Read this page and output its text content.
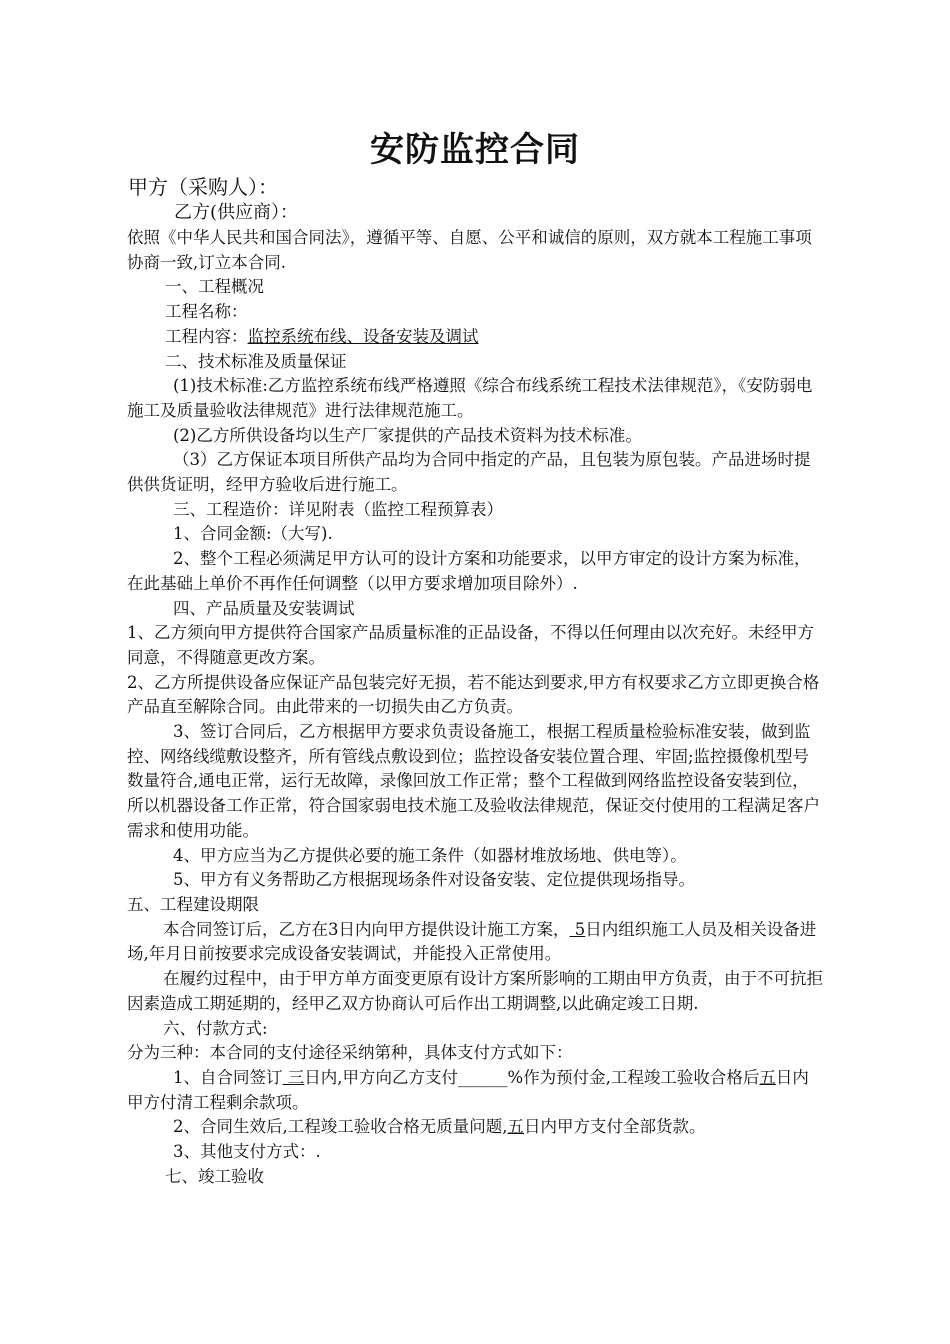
安防监控合同
甲方（采购人）：
乙方(供应商）：

依照《中华人民共和国合同法》，遵循平等、自愿、公平和诚信的原则，双方就本工程施工事项协商一致,订立本合同.

一、工程概况

工程名称：

工程内容：监控系统布线、设备安装及调试

二、技术标准及质量保证

(1)技术标准:乙方监控系统布线严格遵照《综合布线系统工程技术法律规范》，《安防弱电施工及质量验收法律规范》进行法律规范施工。

(2)乙方所供设备均以生产厂家提供的产品技术资料为技术标准。

（3）乙方保证本项目所供产品均为合同中指定的产品，且包装为原包装。产品进场时提供供货证明，经甲方验收后进行施工。

三、工程造价：详见附表（监控工程预算表）

1、合同金额:（大写).

2、整个工程必须满足甲方认可的设计方案和功能要求，以甲方审定的设计方案为标准，在此基础上单价不再作任何调整（以甲方要求增加项目除外）.

四、产品质量及安装调试

1、乙方须向甲方提供符合国家产品质量标准的正品设备，不得以任何理由以次充好。未经甲方同意，不得随意更改方案。

2、乙方所提供设备应保证产品包装完好无损，若不能达到要求,甲方有权要求乙方立即更换合格产品直至解除合同。由此带来的一切损失由乙方负责。

3、签订合同后，乙方根据甲方要求负责设备施工，根据工程质量检验标准安装，做到监控、网络线缆敷设整齐，所有管线点敷设到位；监控设备安装位置合理、牢固;监控摄像机型号数量符合,通电正常，运行无故障，录像回放工作正常；整个工程做到网络监控设备安装到位，所以机器设备工作正常，符合国家弱电技术施工及验收法律规范，保证交付使用的工程满足客户需求和使用功能。

4、甲方应当为乙方提供必要的施工条件（如器材堆放场地、供电等）。

5、甲方有义务帮助乙方根据现场条件对设备安装、定位提供现场指导。

五、工程建设期限

本合同签订后，乙方在3日内向甲方提供设计施工方案， 5日内组织施工人员及相关设备进场,年月日前按要求完成设备安装调试，并能投入正常使用。

在履约过程中，由于甲方单方面变更原有设计方案所影响的工期由甲方负责，由于不可抗拒因素造成工期延期的，经甲乙双方协商认可后作出工期调整,以此确定竣工日期.

六、付款方式:

分为三种：本合同的支付途径采纳第种，具体支付方式如下：

1、自合同签订 三日内,甲方向乙方支付______%作为预付金,工程竣工验收合格后五日内甲方付清工程剩余款项。

2、合同生效后,工程竣工验收合格无质量问题,五日内甲方支付全部货款。

3、其他支付方式：.

七、竣工验收
